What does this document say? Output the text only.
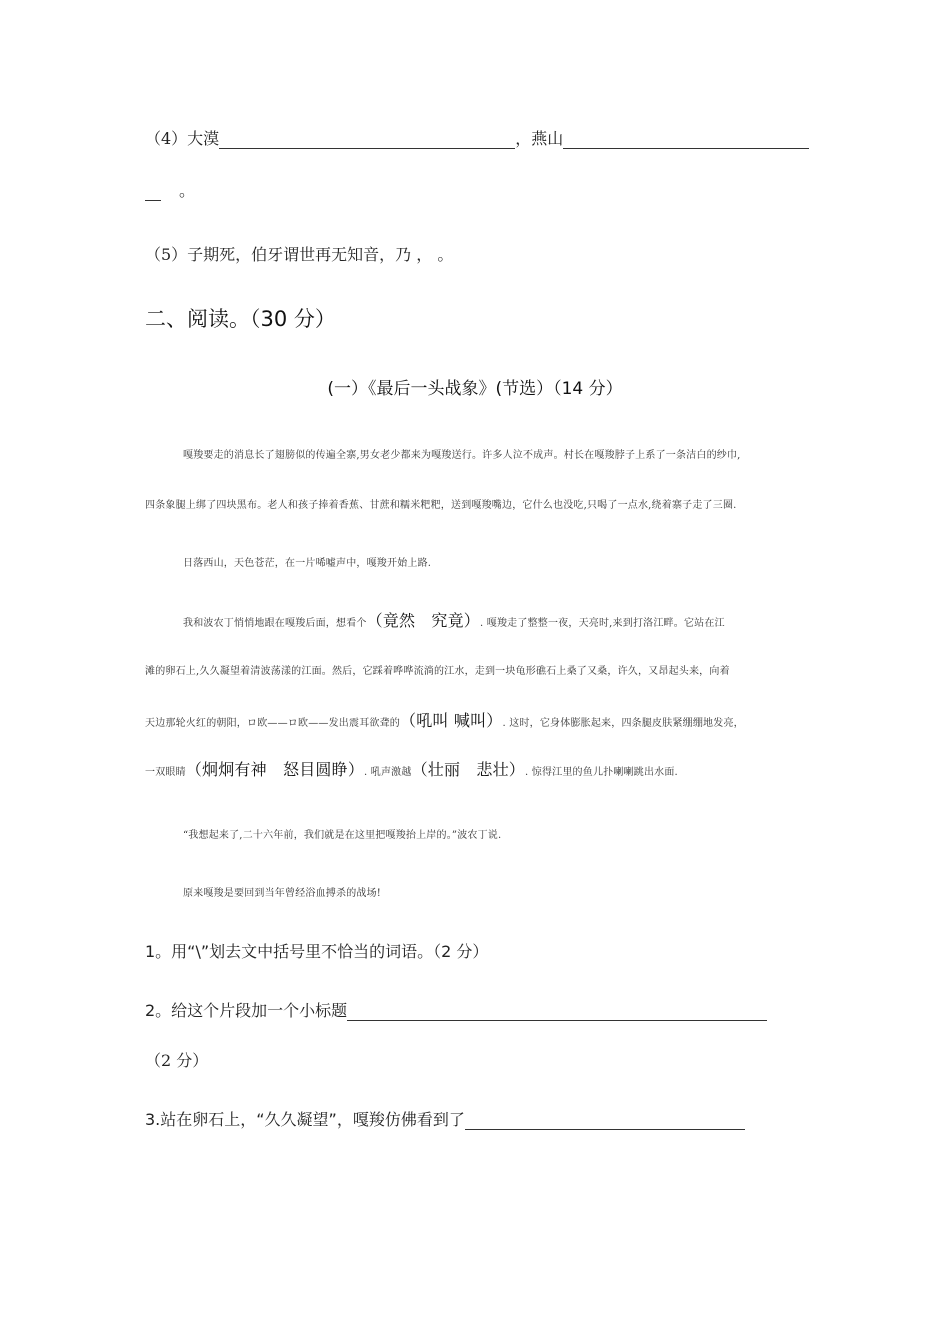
（4）大漠	，燕山
。
（5）子期死，伯牙谓世再无知音，乃 ， 。
二、阅读。（30 分）
(一）《最后一头战象》(节选）（14 分）
嘎羧要走的消息长了翅膀似的传遍全寨,男女老少都来为嘎羧送行。许多人泣不成声。村长在嘎羧脖子上系了一条洁白的纱巾,
四条象腿上绑了四块黑布。老人和孩子捧着香蕉、甘蔗和糯米粑粑，送到嘎羧嘴边，它什么也没吃,只喝了一点水,绕着寨子走了三圈.
日落西山，天色苍茫，在一片唏嘘声中，嘎羧开始上路.
我和波农丁悄悄地跟在嘎羧后面，想看个（竟然　究竟）. 嘎羧走了整整一夜，天亮时,来到打洛江畔。它站在江
滩的卵石上,久久凝望着清波荡漾的江面。然后，它踩着哗哗流淌的江水，走到一块龟形礁石上桑了又桑，许久，又昂起头来，向着
天边那轮火红的朝阳，ロ欧——ロ欧——发出震耳欲聋的（吼叫 喊叫）. 这时，它身体膨胀起来，四条腿皮肤紧绷绷地发亮，
一双眼睛（炯炯有神　怒目圆睁）. 吼声激越（壮丽　悲壮）. 惊得江里的鱼儿扑喇喇跳出水面.
“我想起来了,二十六年前，我们就是在这里把嘎羧抬上岸的。”波农丁说.
原来嘎羧是要回到当年曾经浴血搏杀的战场!
1。用“\”划去文中括号里不恰当的词语。（2 分）
2。给这个片段加一个小标题
（2 分）
3.站在卵石上，“久久凝望”，嘎羧仿佛看到了
